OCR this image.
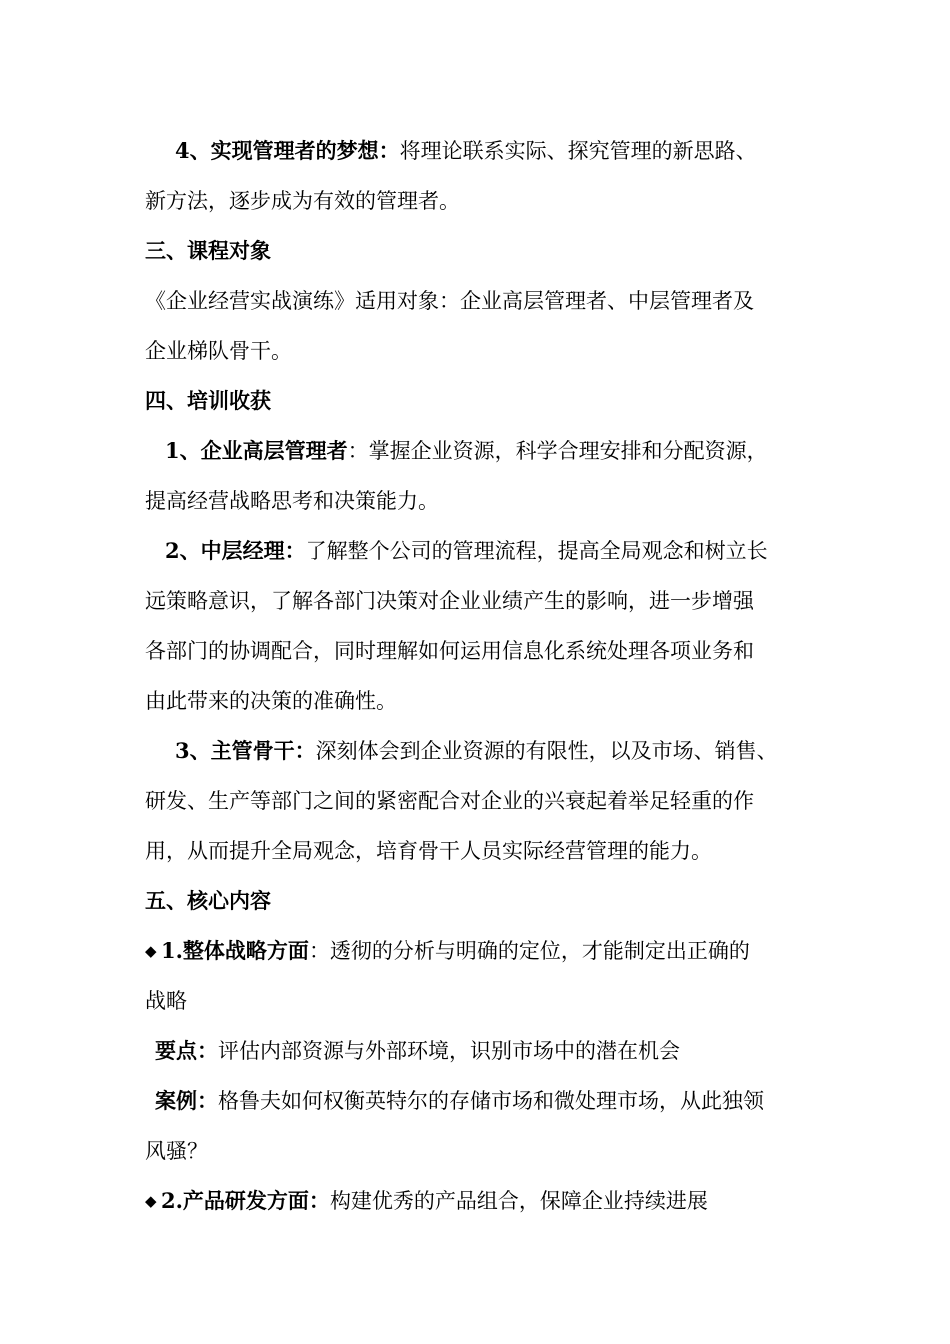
4、实现管理者的梦想：将理论联系实际、探究管理的新思路、
新方法，逐步成为有效的管理者。
三、课程对象
《企业经营实战演练》适用对象：企业高层管理者、中层管理者及
企业梯队骨干。
四、培训收获
1、企业高层管理者：掌握企业资源，科学合理安排和分配资源，
提高经营战略思考和决策能力。
2、中层经理：了解整个公司的管理流程，提高全局观念和树立长
远策略意识，了解各部门决策对企业业绩产生的影响，进一步增强
各部门的协调配合，同时理解如何运用信息化系统处理各项业务和
由此带来的决策的准确性。
3、主管骨干：深刻体会到企业资源的有限性，以及市场、销售、
研发、生产等部门之间的紧密配合对企业的兴衰起着举足轻重的作
用，从而提升全局观念，培育骨干人员实际经营管理的能力。
五、核心内容
◆ 1.整体战略方面：透彻的分析与明确的定位，才能制定出正确的
战略
要点：评估内部资源与外部环境，识别市场中的潜在机会
案例：格鲁夫如何权衡英特尔的存储市场和微处理市场，从此独领
风骚？
◆ 2.产品研发方面：构建优秀的产品组合，保障企业持续进展
